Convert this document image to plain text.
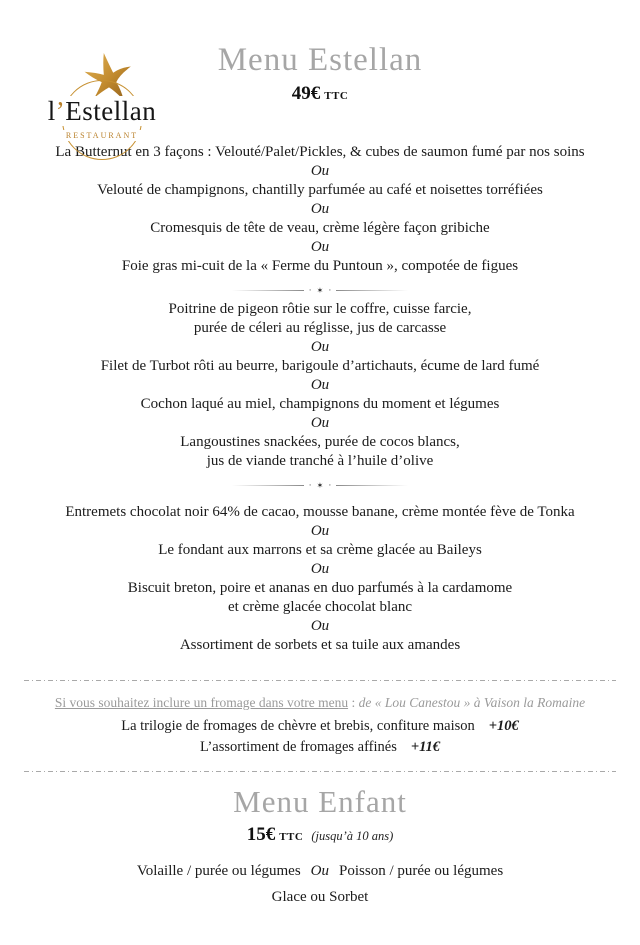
l’Estellan
RESTAURANT
Menu Estellan
49€ TTC
La Butternut en 3 façons : Velouté/Palet/Pickles, & cubes de saumon fumé par nos soins
Ou
Velouté de champignons, chantilly parfumée au café et noisettes torréfiées
Ou
Cromesquis de tête de veau, crème légère façon gribiche
Ou
Foie gras mi-cuit de la « Ferme du Puntoun », compotée de figues
· ✶ ·
Poitrine de pigeon rôtie sur le coffre, cuisse farcie,
purée de céleri au réglisse, jus de carcasse
Ou
Filet de Turbot rôti au beurre, barigoule d’artichauts, écume de lard fumé
Ou
Cochon laqué au miel, champignons du moment et légumes
Ou
Langoustines snackées, purée de cocos blancs,
jus de viande tranché à l’huile d’olive
· ✶ ·
Entremets chocolat noir 64% de cacao, mousse banane, crème montée fève de Tonka
Ou
Le fondant aux marrons et sa crème glacée au Baileys
Ou
Biscuit breton, poire et ananas en duo parfumés à la cardamome
et crème glacée chocolat blanc
Ou
Assortiment de sorbets et sa tuile aux amandes
Si vous souhaitez inclure un fromage dans votre menu : de « Lou Canestou » à Vaison la Romaine
La trilogie de fromages de chèvre et brebis, confiture maison +10€
L’assortiment de fromages affinés +11€
Menu Enfant
15€ TTC (jusqu’à 10 ans)
Volaille / purée ou légumes Ou Poisson / purée ou légumes
Glace ou Sorbet
